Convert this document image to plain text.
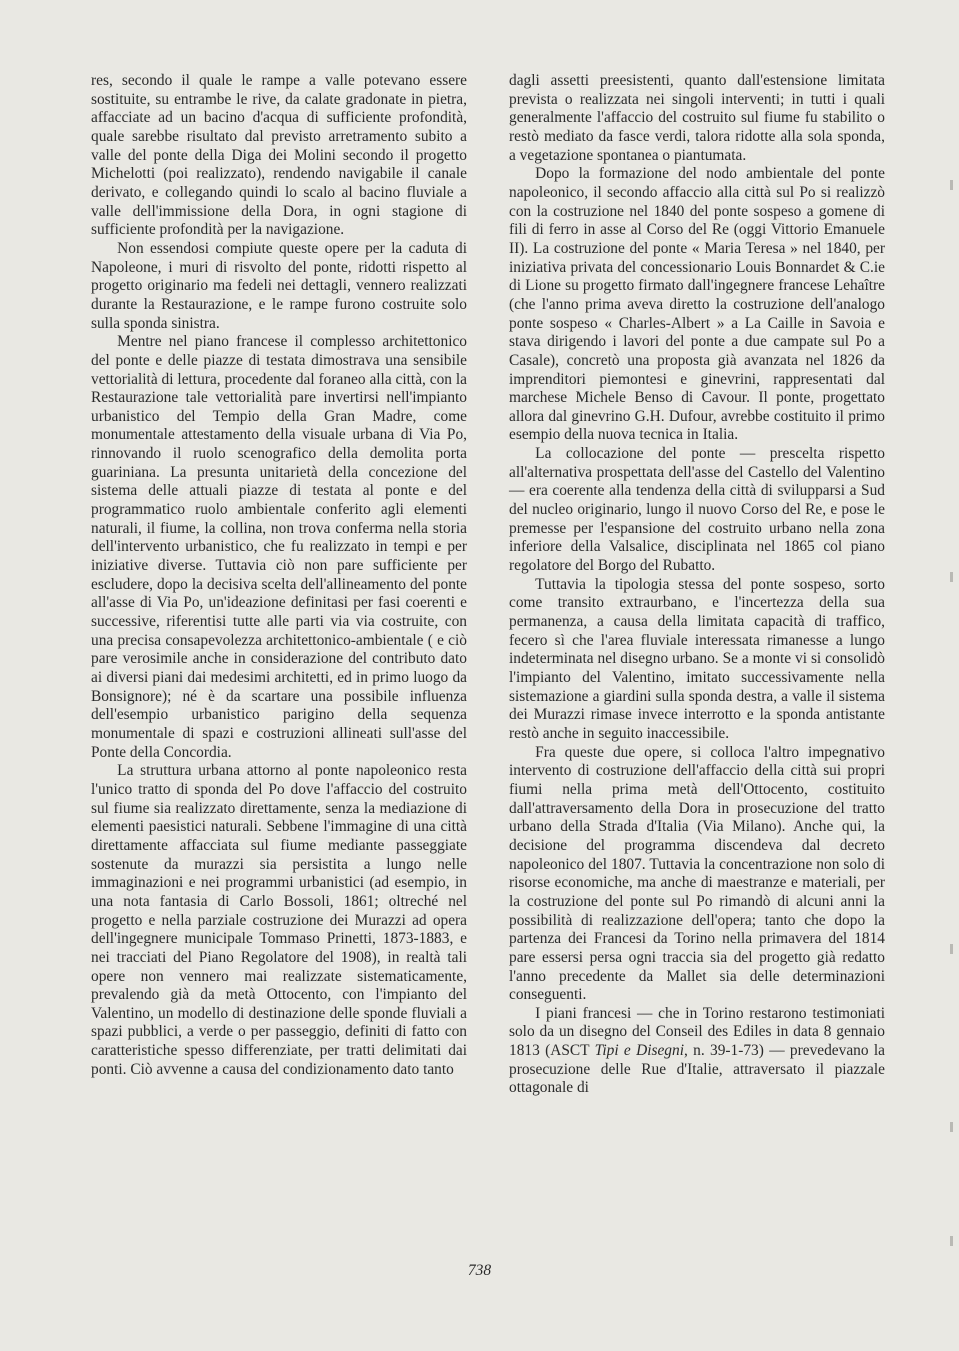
res, secondo il quale le rampe a valle potevano essere sostituite, su entrambe le rive, da calate gradonate in pietra, affacciate ad un bacino d'acqua di sufficiente profondità, quale sarebbe risultato dal previsto arretramento subito a valle del ponte della Diga dei Molini secondo il progetto Michelotti (poi realizzato), rendendo navigabile il canale derivato, e collegando quindi lo scalo al bacino fluviale a valle dell'immissione della Dora, in ogni stagione di sufficiente profondità per la navigazione.

Non essendosi compiute queste opere per la caduta di Napoleone, i muri di risvolto del ponte, ridotti rispetto al progetto originario ma fedeli nei dettagli, vennero realizzati durante la Restaurazione, e le rampe furono costruite solo sulla sponda sinistra.

Mentre nel piano francese il complesso architettonico del ponte e delle piazze di testata dimostrava una sensibile vettorialità di lettura, procedente dal foraneo alla città, con la Restaurazione tale vettorialità pare invertirsi nell'impianto urbanistico del Tempio della Gran Madre, come monumentale attestamento della visuale urbana di Via Po, rinnovando il ruolo scenografico della demolita porta guariniana. La presunta unitarietà della concezione del sistema delle attuali piazze di testata al ponte e del programmatico ruolo ambientale conferito agli elementi naturali, il fiume, la collina, non trova conferma nella storia dell'intervento urbanistico, che fu realizzato in tempi e per iniziative diverse. Tuttavia ciò non pare sufficiente per escludere, dopo la decisiva scelta dell'allineamento del ponte all'asse di Via Po, un'ideazione definitasi per fasi coerenti e successive, riferentisi tutte alle parti via via costruite, con una precisa consapevolezza architettonico-ambientale ( e ciò pare verosimile anche in considerazione del contributo dato ai diversi piani dai medesimi architetti, ed in primo luogo da Bonsignore); né è da scartare una possibile influenza dell'esempio urbanistico parigino della sequenza monumentale di spazi e costruzioni allineati sull'asse del Ponte della Concordia.

La struttura urbana attorno al ponte napoleonico resta l'unico tratto di sponda del Po dove l'affaccio del costruito sul fiume sia realizzato direttamente, senza la mediazione di elementi paesistici naturali. Sebbene l'immagine di una città direttamente affacciata sul fiume mediante passeggiate sostenute da murazzi sia persistita a lungo nelle immaginazioni e nei programmi urbanistici (ad esempio, in una nota fantasia di Carlo Bossoli, 1861; oltreché nel progetto e nella parziale costruzione dei Murazzi ad opera dell'ingegnere municipale Tommaso Prinetti, 1873-1883, e nei tracciati del Piano Regolatore del 1908), in realtà tali opere non vennero mai realizzate sistematicamente, prevalendo già da metà Ottocento, con l'impianto del Valentino, un modello di destinazione delle sponde fluviali a spazi pubblici, a verde o per passeggio, definiti di fatto con caratteristiche spesso differenziate, per tratti delimitati dai ponti. Ciò avvenne a causa del condizionamento dato tanto

dagli assetti preesistenti, quanto dall'estensione limitata prevista o realizzata nei singoli interventi; in tutti i quali generalmente l'affaccio del costruito sul fiume fu stabilito o restò mediato da fasce verdi, talora ridotte alla sola sponda, a vegetazione spontanea o piantumata.

Dopo la formazione del nodo ambientale del ponte napoleonico, il secondo affaccio alla città sul Po si realizzò con la costruzione nel 1840 del ponte sospeso a gomene di fili di ferro in asse al Corso del Re (oggi Vittorio Emanuele II). La costruzione del ponte « Maria Teresa » nel 1840, per iniziativa privata del concessionario Louis Bonnardet & C.ie di Lione su progetto firmato dall'ingegnere francese Lehaître (che l'anno prima aveva diretto la costruzione dell'analogo ponte sospeso « Charles-Albert » a La Caille in Savoia e stava dirigendo i lavori del ponte a due campate sul Po a Casale), concretò una proposta già avanzata nel 1826 da imprenditori piemontesi e ginevrini, rappresentati dal marchese Michele Benso di Cavour. Il ponte, progettato allora dal ginevrino G.H. Dufour, avrebbe costituito il primo esempio della nuova tecnica in Italia.

La collocazione del ponte — prescelta rispetto all'alternativa prospettata dell'asse del Castello del Valentino — era coerente alla tendenza della città di svilupparsi a Sud del nucleo originario, lungo il nuovo Corso del Re, e pose le premesse per l'espansione del costruito urbano nella zona inferiore della Valsalice, disciplinata nel 1865 col piano regolatore del Borgo del Rubatto.

Tuttavia la tipologia stessa del ponte sospeso, sorto come transito extraurbano, e l'incertezza della sua permanenza, a causa della limitata capacità di traffico, fecero sì che l'area fluviale interessata rimanesse a lungo indeterminata nel disegno urbano. Se a monte vi si consolidò l'impianto del Valentino, imitato successivamente nella sistemazione a giardini sulla sponda destra, a valle il sistema dei Murazzi rimase invece interrotto e la sponda antistante restò anche in seguito inaccessibile.

Fra queste due opere, si colloca l'altro impegnativo intervento di costruzione dell'affaccio della città sui propri fiumi nella prima metà dell'Ottocento, costituito dall'attraversamento della Dora in prosecuzione del tratto urbano della Strada d'Italia (Via Milano). Anche qui, la decisione del programma discendeva dal decreto napoleonico del 1807. Tuttavia la concentrazione non solo di risorse economiche, ma anche di maestranze e materiali, per la costruzione del ponte sul Po rimandò di alcuni anni la possibilità di realizzazione dell'opera; tanto che dopo la partenza dei Francesi da Torino nella primavera del 1814 pare essersi persa ogni traccia sia del progetto già redatto l'anno precedente da Mallet sia delle determinazioni conseguenti.

I piani francesi — che in Torino restarono testimoniati solo da un disegno del Conseil des Ediles in data 8 gennaio 1813 (ASCT Tipi e Disegni, n. 39-1-73) — prevedevano la prosecuzione delle Rue d'Italie, attraversato il piazzale ottagonale di

738
